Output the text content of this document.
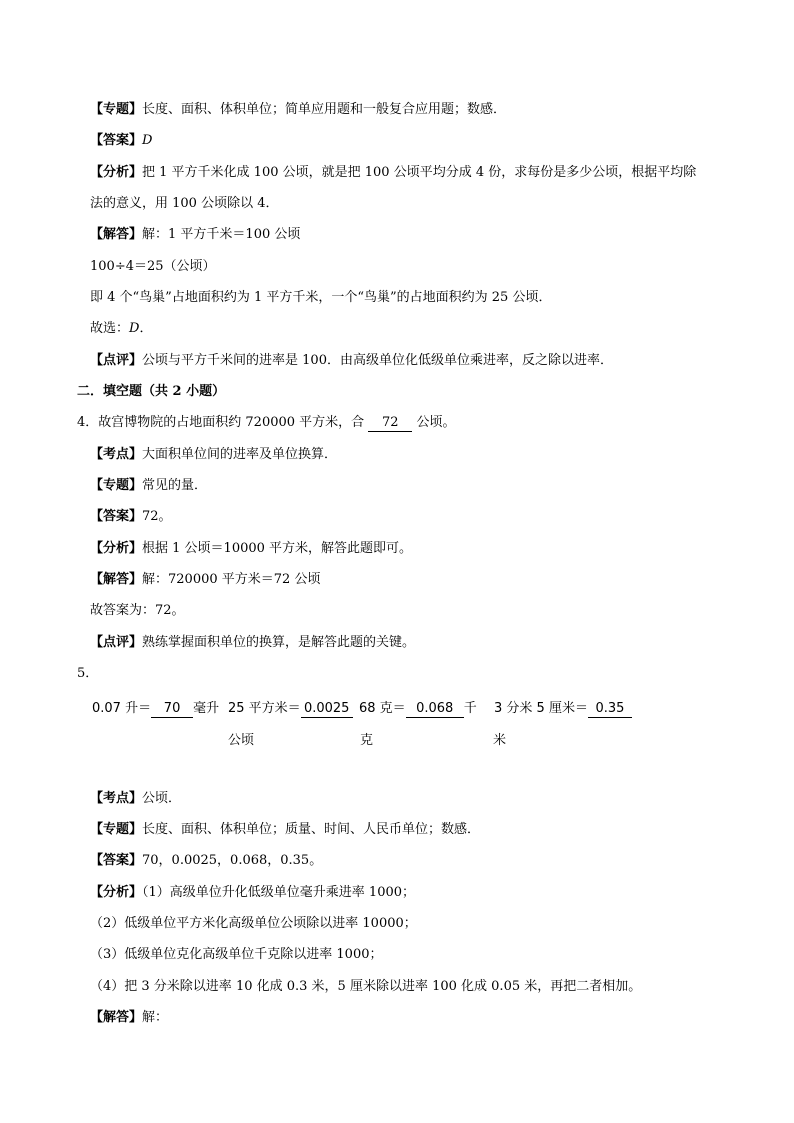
【专题】长度、面积、体积单位；简单应用题和一般复合应用题；数感．
【答案】D
【分析】把 1 平方千米化成 100 公顷，就是把 100 公顷平均分成 4 份，求每份是多少公顷，根据平均除
法的意义，用 100 公顷除以 4．
【解答】解：1 平方千米＝100 公顷
100÷4＝25（公顷）
即 4 个“鸟巢”占地面积约为 1 平方千米，一个“鸟巢”的占地面积约为 25 公顷．
故选：D．
【点评】公顷与平方千米间的进率是 100．由高级单位化低级单位乘进率，反之除以进率．
二．填空题（共 2 小题）
4．故宫博物院的占地面积约 720000 平方米，合 72 公顷。
【考点】大面积单位间的进率及单位换算．
【专题】常见的量．
【答案】72。
【分析】根据 1 公顷＝10000 平方米，解答此题即可。
【解答】解：720000 平方米＝72 公顷
故答案为：72。
【点评】熟练掌握面积单位的换算，是解答此题的关键。
5．
0.07 升＝ 70 毫升 25 平方米＝ 0.0025
公顷
68 克＝ 0.068 千
克
3 分米 5 厘米＝ 0.35
米
【考点】公顷．
【专题】长度、面积、体积单位；质量、时间、人民币单位；数感．
【答案】70，0.0025，0.068，0.35。
【分析】（1）高级单位升化低级单位毫升乘进率 1000；
（2）低级单位平方米化高级单位公顷除以进率 10000；
（3）低级单位克化高级单位千克除以进率 1000；
（4）把 3 分米除以进率 10 化成 0.3 米，5 厘米除以进率 100 化成 0.05 米，再把二者相加。
【解答】解：
